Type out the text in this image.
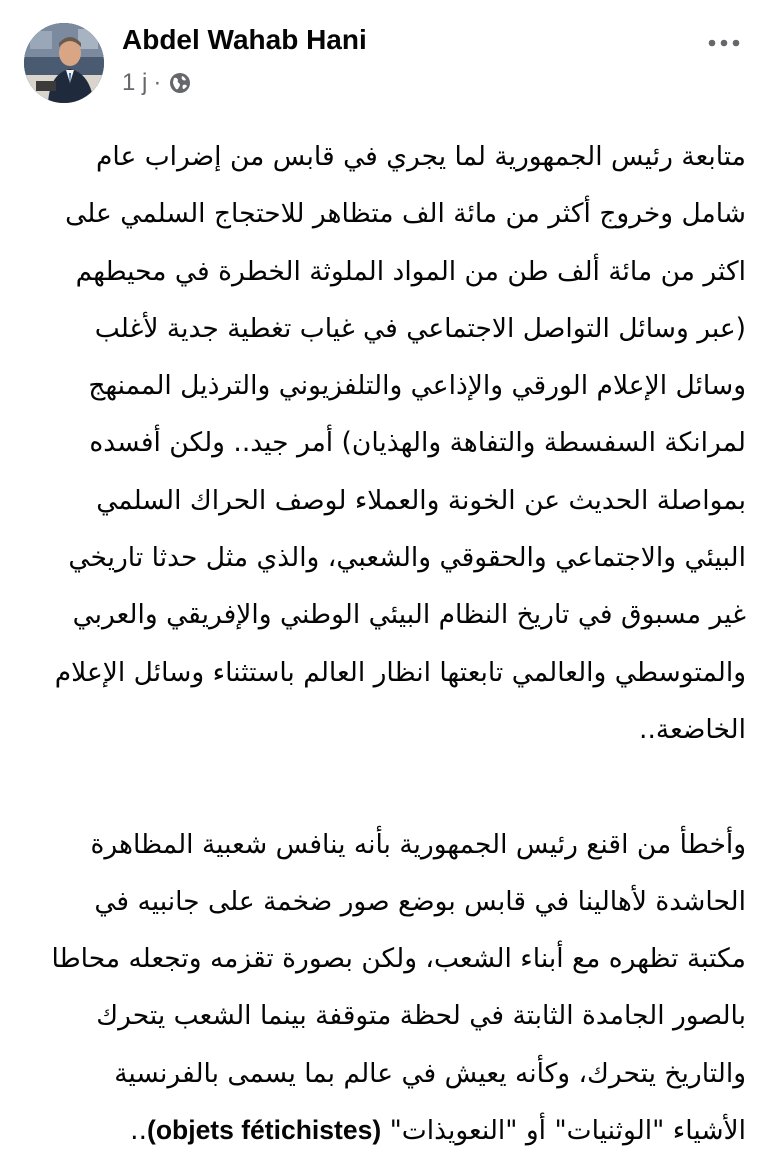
Abdel Wahab Hani
1 j ·

متابعة رئيس الجمهورية لما يجري في قابس من إضراب عام
شامل وخروج أكثر من مائة الف متظاهر للاحتجاج السلمي على
اكثر من مائة ألف طن من المواد الملوثة الخطرة في محيطهم
(عبر وسائل التواصل الاجتماعي في غياب تغطية جدية لأغلب
وسائل الإعلام الورقي والإذاعي والتلفزيوني والترذيل الممنهج
لمرانكة السفسطة والتفاهة والهذيان) أمر جيد.. ولكن أفسده
بمواصلة الحديث عن الخونة والعملاء لوصف الحراك السلمي
البيئي والاجتماعي والحقوقي والشعبي، والذي مثل حدثا تاريخي
غير مسبوق في تاريخ النظام البيئي الوطني والإفريقي والعربي
والمتوسطي والعالمي تابعتها انظار العالم باستثناء وسائل الإعلام
الخاضعة..

وأخطأ من اقنع رئيس الجمهورية بأنه ينافس شعبية المظاهرة
الحاشدة لأهالينا في قابس بوضع صور ضخمة على جانبيه في
مكتبة تظهره مع أبناء الشعب، ولكن بصورة تقزمه وتجعله محاطا
بالصور الجامدة الثابتة في لحظة متوقفة بينما الشعب يتحرك
والتاريخ يتحرك، وكأنه يعيش في عالم بما يسمى بالفرنسية
الأشياء "الوثنيات" أو "النعويذات" (objets fétichistes)..
